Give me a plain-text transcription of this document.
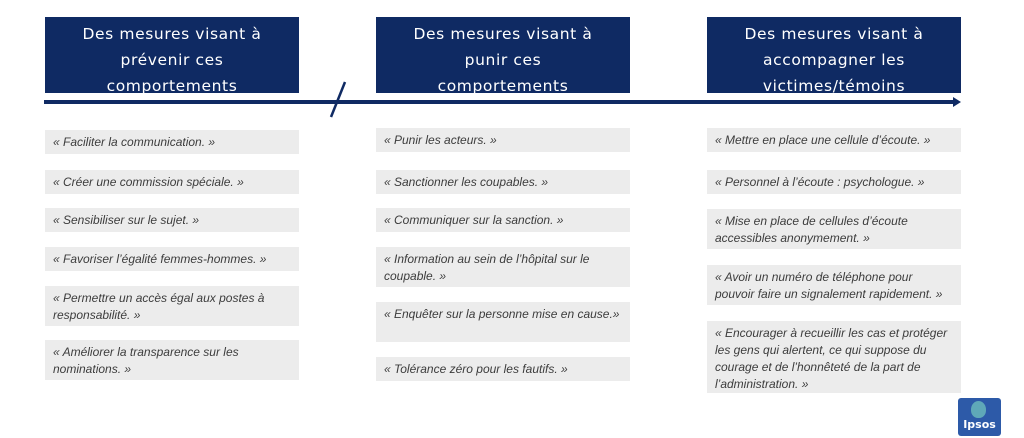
Des mesures visant à
prévenir ces
comportements
Des mesures visant à
punir ces
comportements
Des mesures visant à
accompagner les
victimes/témoins
« Faciliter la communication. »
« Créer une commission spéciale. »
« Sensibiliser sur le sujet. »
« Favoriser l’égalité femmes-hommes. »
« Permettre un accès égal aux postes à responsabilité. »
« Améliorer la transparence sur les nominations. »
« Punir les acteurs. »
« Sanctionner les coupables. »
« Communiquer sur la sanction. »
« Information au sein de l’hôpital sur le coupable. »
« Enquêter sur la personne mise en cause.»
« Tolérance zéro pour les fautifs. »
« Mettre en place une cellule d’écoute. »
« Personnel à l’écoute : psychologue. »
« Mise en place de cellules d’écoute accessibles anonymement. »
« Avoir un numéro de téléphone pour pouvoir faire un signalement rapidement. »
« Encourager à recueillir les cas et protéger les gens qui alertent, ce qui suppose du courage et de l’honnêteté de la part de l’administration. »
Ipsos
